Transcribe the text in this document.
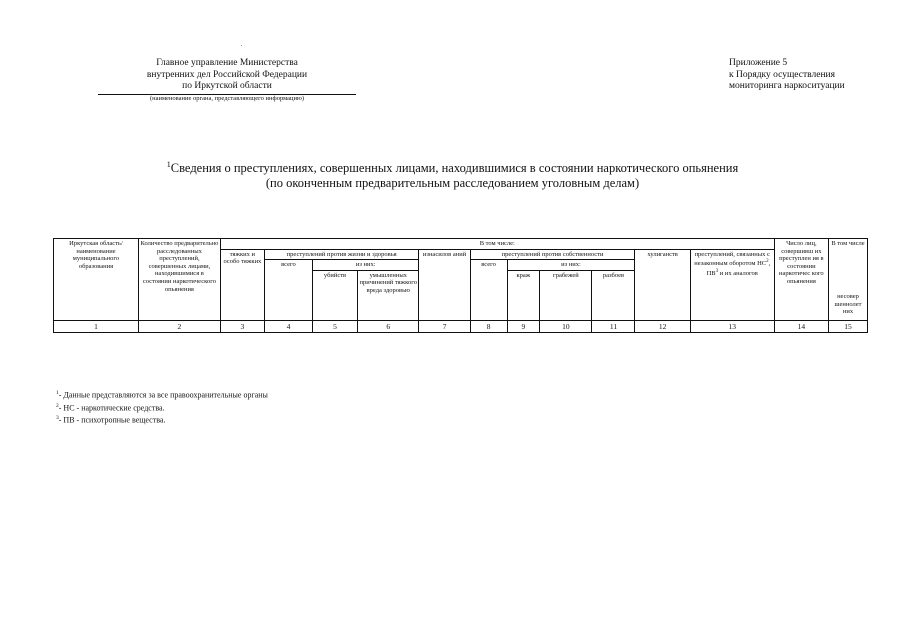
Главное управление Министерства
внутренних дел Российской Федерации
по Иркутской области
(наименование органа, представляющего информацию)
Приложение 5
к Порядку осуществления
мониторинга наркоситуации
$^1$Сведения о преступлениях, совершенных лицами, находившимися в состоянии наркотического опьянения
(по оконченным предварительным расследованием уголовным делам)
Иркутская область/ наименование муниципального образования	Количество предварительно расследованных преступлений, совершенных лицами, находившимися в состоянии наркотического опьянения	В том числе:											Число лиц, совершивш их преступлен ия в состоянии наркотичес кого опьянения	В том числе
		тяжких и особо тяжких	преступлений против жизни и здоровья			изнасилов аний	преступлений против собственности				хулиганств	преступлений, связанных с незаконным оборотом $НС^2$, $ПВ^3$ и их аналогов		
			всего	из них:			всего	из них:						несовер шеннолет них
				убийств	умышленных причинений тяжкого вреда здоровью			краж	грабежей	разбоев				
1	2	3	4	5	6	7	8	9	10	11	12	13	14	15
$^1$- Данные представляются за все правоохранительные органы
$^2$- НС - наркотические средства.
$^3$- ПВ - психотропные вещества.
